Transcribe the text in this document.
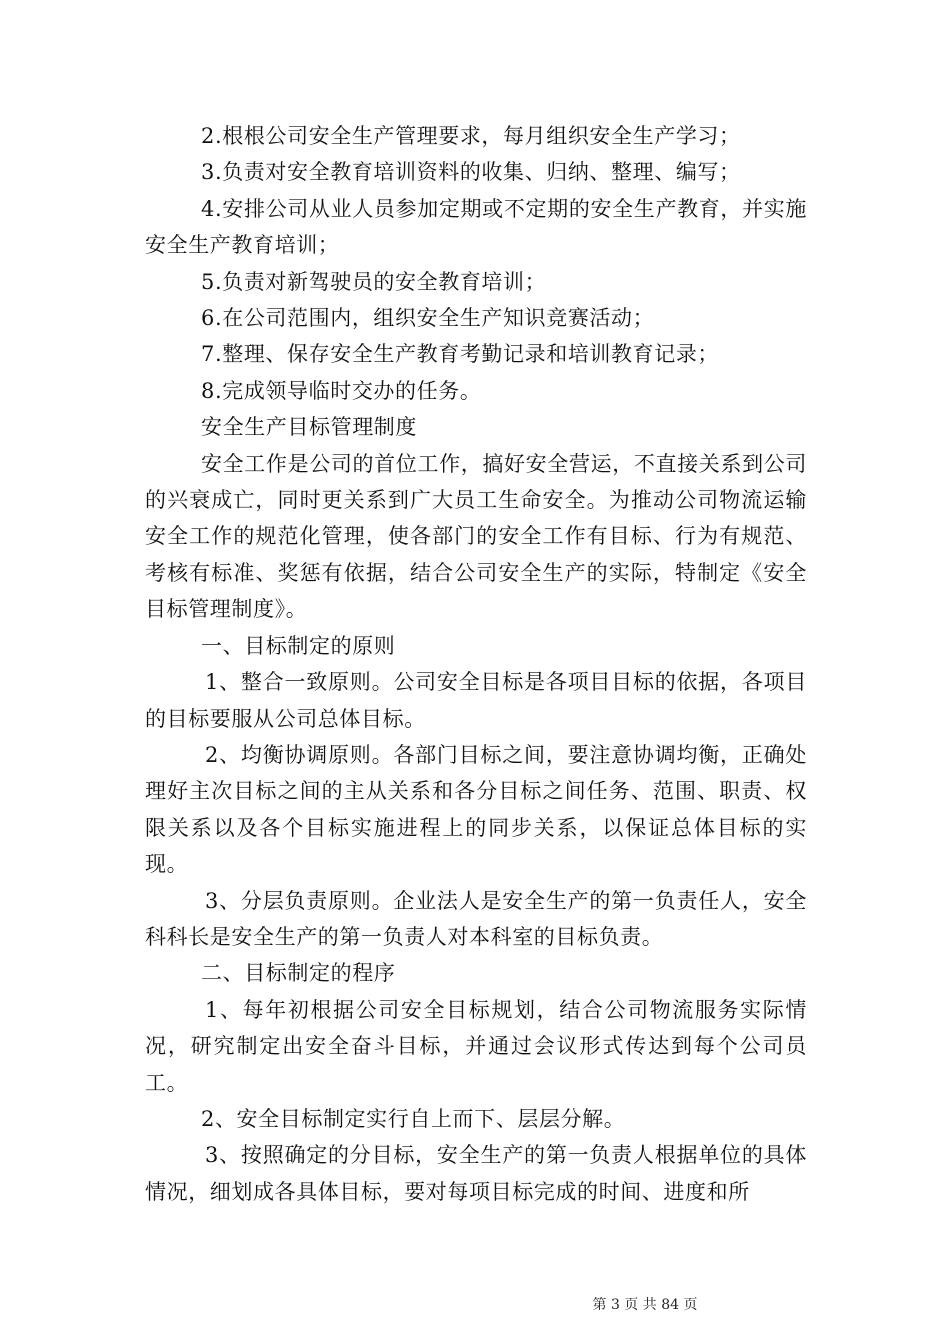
2.根根公司安全生产管理要求，每月组织安全生产学习；

3.负责对安全教育培训资料的收集、归纳、整理、编写；

4.安排公司从业人员参加定期或不定期的安全生产教育，并实施安全生产教育培训；

5.负责对新驾驶员的安全教育培训；

6.在公司范围内，组织安全生产知识竞赛活动；

7.整理、保存安全生产教育考勤记录和培训教育记录；

8.完成领导临时交办的任务。

安全生产目标管理制度

安全工作是公司的首位工作，搞好安全营运，不直接关系到公司的兴衰成亡，同时更关系到广大员工生命安全。为推动公司物流运输安全工作的规范化管理，使各部门的安全工作有目标、行为有规范、考核有标准、奖惩有依据，结合公司安全生产的实际，特制定《安全目标管理制度》。

一、目标制定的原则

1、整合一致原则。公司安全目标是各项目目标的依据，各项目的目标要服从公司总体目标。

2、均衡协调原则。各部门目标之间，要注意协调均衡，正确处理好主次目标之间的主从关系和各分目标之间任务、范围、职责、权限关系以及各个目标实施进程上的同步关系，以保证总体目标的实现。

3、分层负责原则。企业法人是安全生产的第一负责任人，安全科科长是安全生产的第一负责人对本科室的目标负责。

二、目标制定的程序

1、每年初根据公司安全目标规划，结合公司物流服务实际情况，研究制定出安全奋斗目标，并通过会议形式传达到每个公司员工。

2、安全目标制定实行自上而下、层层分解。

3、按照确定的分目标，安全生产的第一负责人根据单位的具体情况，细划成各具体目标，要对每项目标完成的时间、进度和所

第 3 页 共 84 页
